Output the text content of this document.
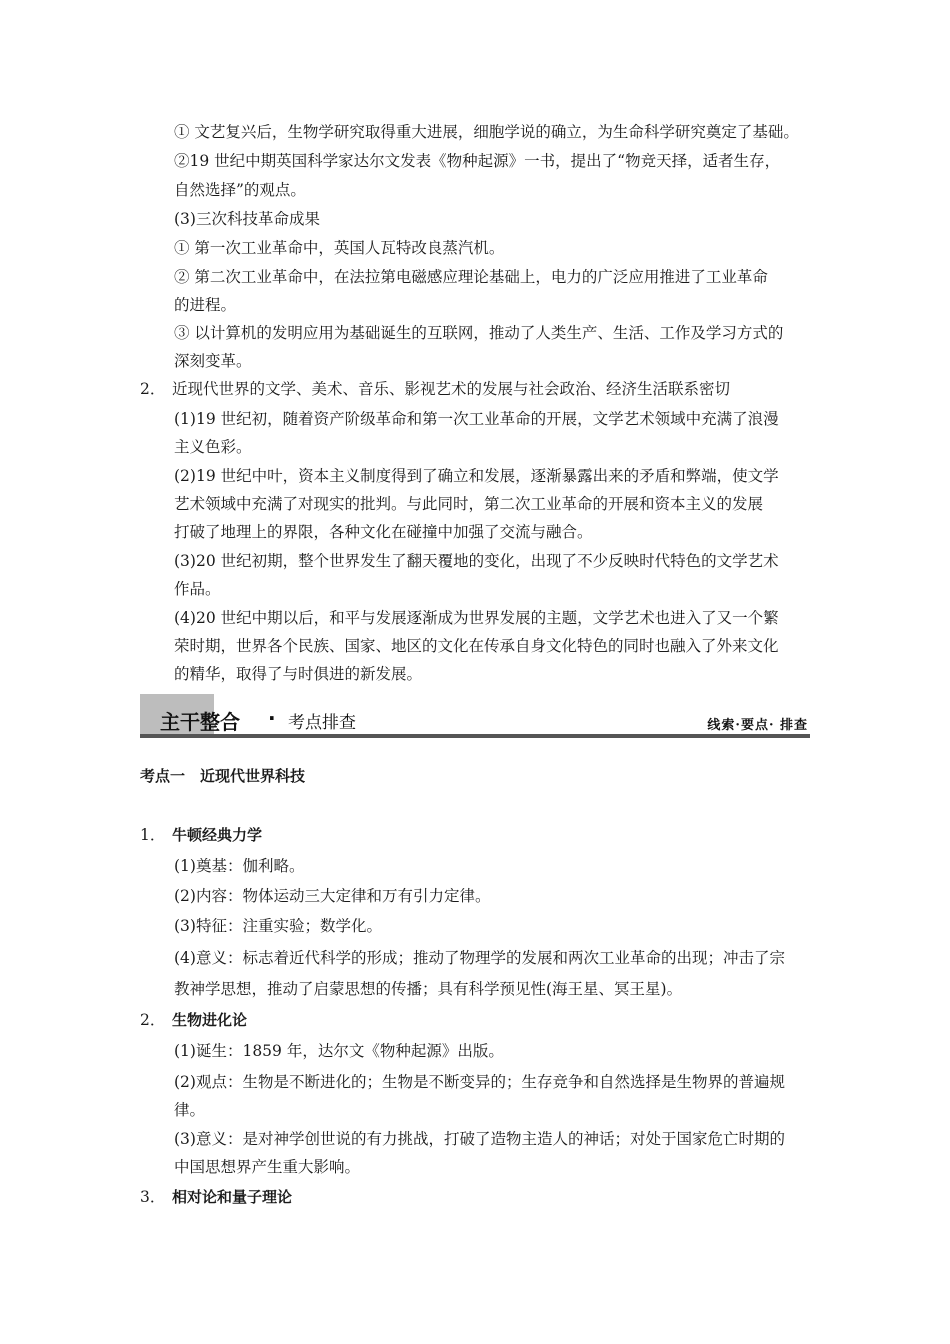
① 文艺复兴后，生物学研究取得重大进展，细胞学说的确立，为生命科学研究奠定了基础。
②19 世纪中期英国科学家达尔文发表《物种起源》一书，提出了“物竞天择，适者生存，
自然选择”的观点。
(3)三次科技革命成果
① 第一次工业革命中，英国人瓦特改良蒸汽机。
② 第二次工业革命中，在法拉第电磁感应理论基础上，电力的广泛应用推进了工业革命
的进程。
③ 以计算机的发明应用为基础诞生的互联网，推动了人类生产、生活、工作及学习方式的
深刻变革。
2． 近现代世界的文学、美术、音乐、影视艺术的发展与社会政治、经济生活联系密切
(1)19 世纪初，随着资产阶级革命和第一次工业革命的开展，文学艺术领域中充满了浪漫
主义色彩。
(2)19 世纪中叶，资本主义制度得到了确立和发展，逐渐暴露出来的矛盾和弊端，使文学
艺术领域中充满了对现实的批判。与此同时，第二次工业革命的开展和资本主义的发展
打破了地理上的界限，各种文化在碰撞中加强了交流与融合。
(3)20 世纪初期，整个世界发生了翻天覆地的变化，出现了不少反映时代特色的文学艺术
作品。
(4)20 世纪中期以后，和平与发展逐渐成为世界发展的主题，文学艺术也进入了又一个繁
荣时期，世界各个民族、国家、地区的文化在传承自身文化特色的同时也融入了外来文化
的精华，取得了与时俱进的新发展。
主干整合 · 考点排查	线索·要点· 排查
考点一　近现代世界科技
1． 牛顿经典力学
(1)奠基：伽利略。
(2)内容：物体运动三大定律和万有引力定律。
(3)特征：注重实验；数学化。
(4)意义：标志着近代科学的形成；推动了物理学的发展和两次工业革命的出现；冲击了宗
教神学思想，推动了启蒙思想的传播；具有科学预见性(海王星、冥王星)。
2． 生物进化论
(1)诞生：1859 年，达尔文《物种起源》出版。
(2)观点：生物是不断进化的；生物是不断变异的；生存竞争和自然选择是生物界的普遍规
律。
(3)意义：是对神学创世说的有力挑战，打破了造物主造人的神话；对处于国家危亡时期的
中国思想界产生重大影响。
3． 相对论和量子理论
